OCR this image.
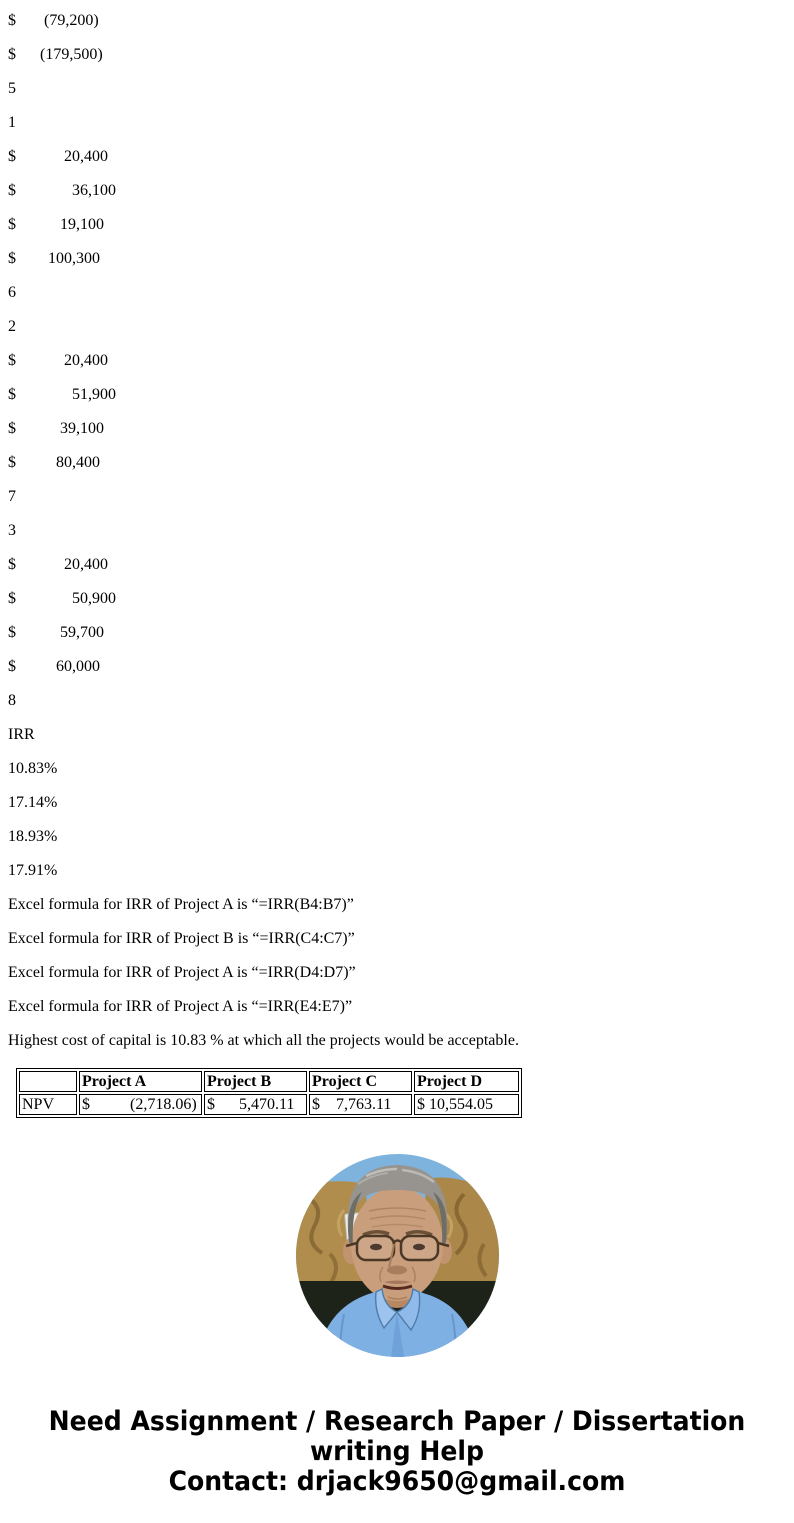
$       (79,200)

$      (179,500)

5

1

$            20,400

$              36,100

$           19,100

$        100,300

6

2

$            20,400

$              51,900

$           39,100

$          80,400

7

3

$            20,400

$              50,900

$           59,700

$          60,000

8

IRR

10.83%

17.14%

18.93%

17.91%

Excel formula for IRR of Project A is “=IRR(B4:B7)”

Excel formula for IRR of Project B is “=IRR(C4:C7)”

Excel formula for IRR of Project A is “=IRR(D4:D7)”

Excel formula for IRR of Project A is “=IRR(E4:E7)”

Highest cost of capital is 10.83 % at which all the projects would be acceptable.

	Project A	Project B	Project C	Project D
NPV	$          (2,718.06)	$      5,470.11	$    7,763.11	$ 10,554.05
Need Assignment / Research Paper / Dissertation
writing Help
Contact: drjack9650@gmail.com
